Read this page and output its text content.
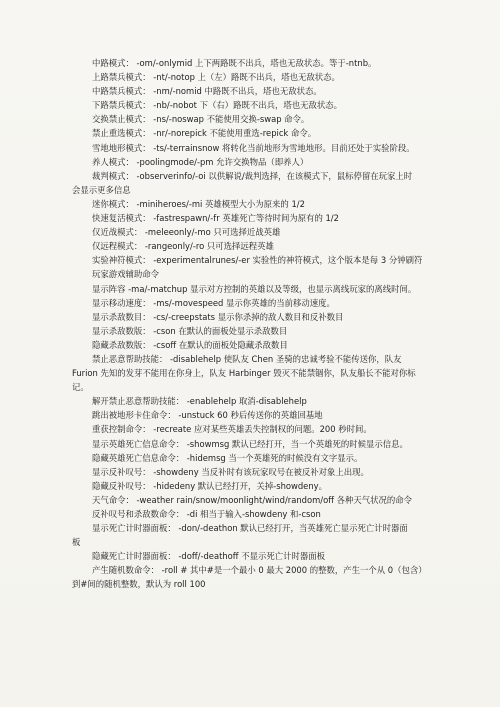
中路模式： -om/-onlymid 上下两路既不出兵，塔也无敌状态。等于-ntnb。
上路禁兵模式： -nt/-notop 上（左）路既不出兵，塔也无敌状态。
中路禁兵模式： -nm/-nomid 中路既不出兵，塔也无敌状态。
下路禁兵模式： -nb/-nobot 下（右）路既不出兵，塔也无敌状态。
交换禁止模式： -ns/-noswap 不能使用交换-swap 命令。
禁止重选模式： -nr/-norepick 不能使用重选-repick 命令。
雪地地形模式： -ts/-terrainsnow 将转化当前地形为雪地地形。目前还处于实验阶段。
养人模式： -poolingmode/-pm 允许交换物品（即养人）
裁判模式： -observerinfo/-oi 以供解说/裁判选择，在该模式下，鼠标停留在玩家上时
会显示更多信息
迷你模式： -miniheroes/-mi 英雄模型大小为原来的 1/2
快速复活模式： -fastrespawn/-fr 英雄死亡等待时间为原有的 1/2
仅近战模式： -meleeonly/-mo 只可选择近战英雄
仅远程模式： -rangeonly/-ro 只可选择远程英雄
实验神符模式： -experimentalrunes/-er 实验性的神符模式，这个版本是每 3 分钟刷符
玩家游戏辅助命令
显示阵容 -ma/-matchup 显示对方控制的英雄以及等级，也显示离线玩家的离线时间。
显示移动速度： -ms/-movespeed 显示你英雄的当前移动速度。
显示杀敌数目： -cs/-creepstats 显示你杀掉的敌人数目和反补数目
显示杀敌数版： -cson 在默认的面板处显示杀敌数目
隐藏杀敌数版： -csoff 在默认的面板处隐藏杀敌数目
禁止恶意帮助技能： -disablehelp 使队友 Chen 圣骑的忠诚考验不能传送你，队友
Furion 先知的发芽不能用在你身上，队友 Harbinger 毁灭不能禁锢你，队友船长不能对你标
记。
解开禁止恶意帮助技能： -enablehelp 取消-disablehelp
跳出被地形卡住命令： -unstuck 60 秒后传送你的英雄回基地
重获控制命令： -recreate 应对某些英雄丢失控制权的问题。200 秒时间。
显示英雄死亡信息命令： -showmsg 默认已经打开，当一个英雄死的时候显示信息。
隐藏英雄死亡信息命令： -hidemsg 当一个英雄死的时候没有文字显示。
显示反补叹号： -showdeny 当反补时有该玩家叹号在被反补对象上出现。
隐藏反补叹号： -hidedeny 默认已经打开，关掉-showdeny。
天气命令： -weather rain/snow/moonlight/wind/random/off 各种天气状况的命令
反补叹号和杀敌数命令： -di 相当于输入-showdeny 和-cson
显示死亡计时器面板： -don/-deathon 默认已经打开，当英雄死亡显示死亡计时器面
板
隐藏死亡计时器面板： -doff/-deathoff 不显示死亡计时器面板
产生随机数命令： -roll # 其中#是一个最小 0 最大 2000 的整数，产生一个从 0（包含）
到#间的随机整数，默认为 roll 100
